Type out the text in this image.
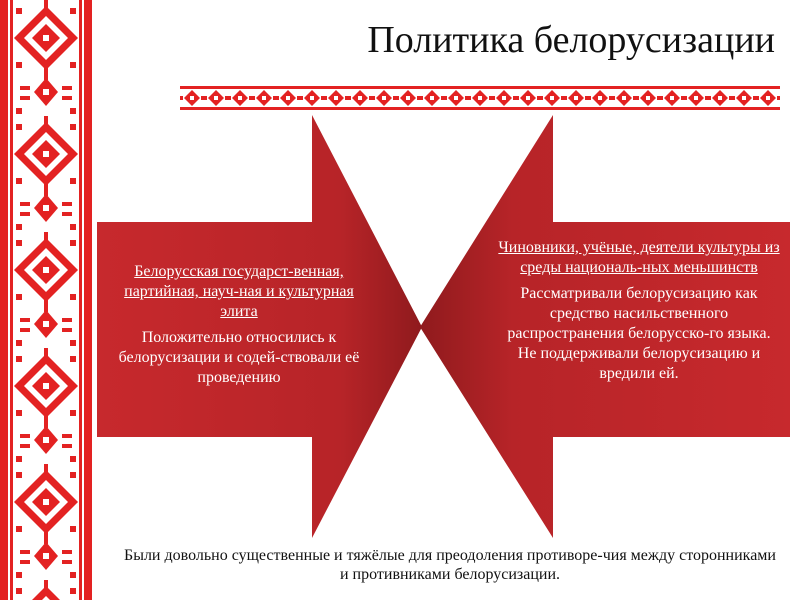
Политика белорусизации

Белорусская государст-венная, партийная, науч-ная и культурная элита

Положительно относились к белорусизации и содей-ствовали её проведению

Чиновники, учёные, деятели культуры из среды националь-ных меньшинств

Рассматривали белорусизацию как средство насильственного распространения белорусско-го языка. Не поддерживали белорусизацию и вредили ей.

Были довольно существенные и тяжёлые для преодоления противоре-чия между сторонниками и противниками белорусизации.
